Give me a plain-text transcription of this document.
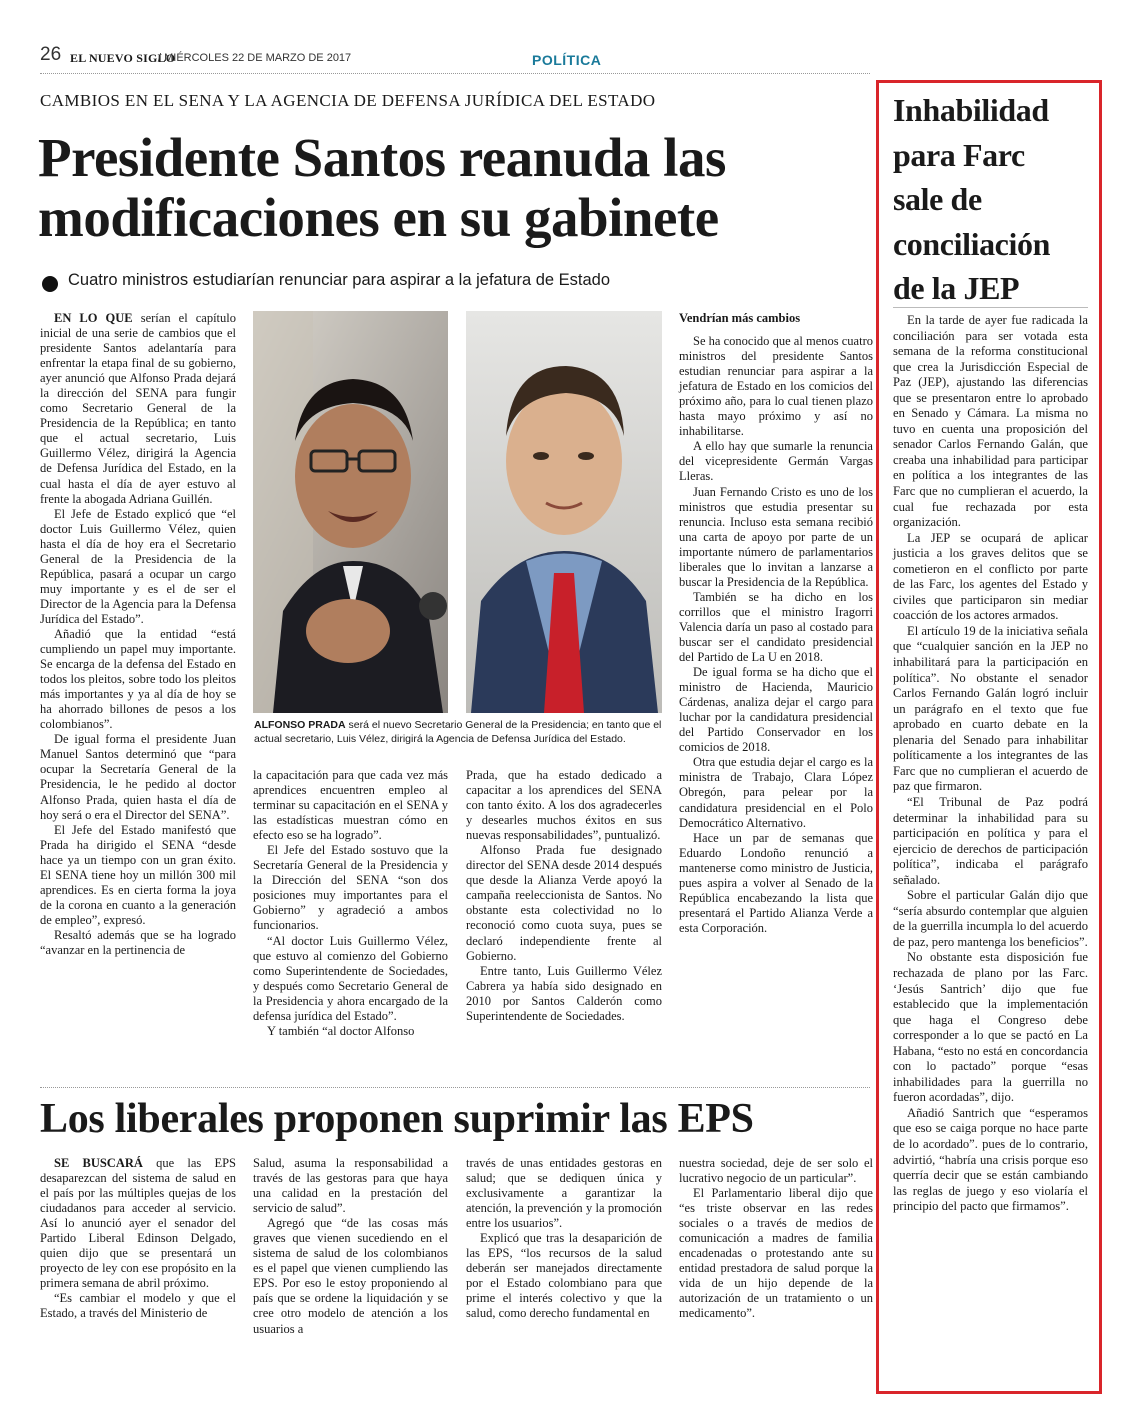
26 EL NUEVO SIGLO
/ MIÉRCOLES 22 DE MARZO DE 2017	POLÍTICA
CAMBIOS EN EL SENA Y LA AGENCIA DE DEFENSA JURÍDICA DEL ESTADO
Presidente Santos reanuda las
modificaciones en su gabinete
Cuatro ministros estudiarían renunciar para aspirar a la jefatura de Estado

EN LO QUE serían el capítulo inicial de una serie de cambios que el presidente Santos adelantaría para enfrentar la etapa final de su gobierno, ayer anunció que Alfonso Prada dejará la dirección del SENA para fungir como Secretario General de la Presidencia de la República; en tanto que el actual secretario, Luis Guillermo Vélez, dirigirá la Agencia de Defensa Jurídica del Estado, en la cual hasta el día de ayer estuvo al frente la abogada Adriana Guillén.

El Jefe de Estado explicó que “el doctor Luis Guillermo Vélez, quien hasta el día de hoy era el Secretario General de la Presidencia de la República, pasará a ocupar un cargo muy importante y es el de ser el Director de la Agencia para la Defensa Jurídica del Estado”.

Añadió que la entidad “está cumpliendo un papel muy importante. Se encarga de la defensa del Estado en todos los pleitos, sobre todo los pleitos más importantes y ya al día de hoy se ha ahorrado billones de pesos a los colombianos”.

De igual forma el presidente Juan Manuel Santos determinó que “para ocupar la Secretaría General de la Presidencia, le he pedido al doctor Alfonso Prada, quien hasta el día de hoy será o era el Director del SENA”.

El Jefe del Estado manifestó que Prada ha dirigido el SENA “desde hace ya un tiempo con un gran éxito. El SENA tiene hoy un millón 300 mil aprendices. Es en cierta forma la joya de la corona en cuanto a la generación de empleo”, expresó.

Resaltó además que se ha logrado “avanzar en la pertinencia de

ALFONSO PRADA será el nuevo Secretario General de la Presidencia; en tanto que el actual secretario, Luis Vélez, dirigirá la Agencia de Defensa Jurídica del Estado.

la capacitación para que cada vez más aprendices encuentren empleo al terminar su capacitación en el SENA y las estadísticas muestran cómo en efecto eso se ha logrado”.

El Jefe del Estado sostuvo que la Secretaría General de la Presidencia y la Dirección del SENA “son dos posiciones muy importantes para el Gobierno” y agradeció a ambos funcionarios.

“Al doctor Luis Guillermo Vélez, que estuvo al comienzo del Gobierno como Superintendente de Sociedades, y después como Secretario General de la Presidencia y ahora encargado de la defensa jurídica del Estado”.

Y también “al doctor Alfonso

Prada, que ha estado dedicado a capacitar a los aprendices del SENA con tanto éxito. A los dos agradecerles y desearles muchos éxitos en sus nuevas responsabilidades”, puntualizó.

Alfonso Prada fue designado director del SENA desde 2014 después que desde la Alianza Verde apoyó la campaña reeleccionista de Santos. No obstante esta colectividad no lo reconoció como cuota suya, pues se declaró independiente frente al Gobierno.

Entre tanto, Luis Guillermo Vélez Cabrera ya había sido designado en 2010 por Santos Calderón como Superintendente de Sociedades.

Vendrían más cambios

Se ha conocido que al menos cuatro ministros del presidente Santos estudian renunciar para aspirar a la jefatura de Estado en los comicios del próximo año, para lo cual tienen plazo hasta mayo próximo y así no inhabilitarse.

A ello hay que sumarle la renuncia del vicepresidente Germán Vargas Lleras.

Juan Fernando Cristo es uno de los ministros que estudia presentar su renuncia. Incluso esta semana recibió una carta de apoyo por parte de un importante número de parlamentarios liberales que lo invitan a lanzarse a buscar la Presidencia de la República.

También se ha dicho en los corrillos que el ministro Iragorri Valencia daría un paso al costado para buscar ser el candidato presidencial del Partido de La U en 2018.

De igual forma se ha dicho que el ministro de Hacienda, Mauricio Cárdenas, analiza dejar el cargo para luchar por la candidatura presidencial del Partido Conservador en los comicios de 2018.

Otra que estudia dejar el cargo es la ministra de Trabajo, Clara López Obregón, para pelear por la candidatura presidencial en el Polo Democrático Alternativo.

Hace un par de semanas que Eduardo Londoño renunció a mantenerse como ministro de Justicia, pues aspira a volver al Senado de la República encabezando la lista que presentará el Partido Alianza Verde a esta Corporación.

Los liberales proponen suprimir las EPS

SE BUSCARÁ que las EPS desaparezcan del sistema de salud en el país por las múltiples quejas de los ciudadanos para acceder al servicio. Así lo anunció ayer el senador del Partido Liberal Edinson Delgado, quien dijo que se presentará un proyecto de ley con ese propósito en la primera semana de abril próximo.

“Es cambiar el modelo y que el Estado, a través del Ministerio de

Salud, asuma la responsabilidad a través de las gestoras para que haya una calidad en la prestación del servicio de salud”.

Agregó que “de las cosas más graves que vienen sucediendo en el sistema de salud de los colombianos es el papel que vienen cumpliendo las EPS. Por eso le estoy proponiendo al país que se ordene la liquidación y se cree otro modelo de atención a los usuarios a

través de unas entidades gestoras en salud; que se dediquen única y exclusivamente a garantizar la atención, la prevención y la promoción entre los usuarios”.

Explicó que tras la desaparición de las EPS, “los recursos de la salud deberán ser manejados directamente por el Estado colombiano para que prime el interés colectivo y que la salud, como derecho fundamental en

nuestra sociedad, deje de ser solo el lucrativo negocio de un particular”.

El Parlamentario liberal dijo que “es triste observar en las redes sociales o a través de medios de comunicación a madres de familia encadenadas o protestando ante su entidad prestadora de salud porque la vida de un hijo depende de la autorización de un tratamiento o un medicamento”.

Inhabilidad
para Farc
sale de
conciliación
de la JEP

En la tarde de ayer fue radicada la conciliación para ser votada esta semana de la reforma constitucional que crea la Jurisdicción Especial de Paz (JEP), ajustando las diferencias que se presentaron entre lo aprobado en Senado y Cámara. La misma no tuvo en cuenta una proposición del senador Carlos Fernando Galán, que creaba una inhabilidad para participar en política a los integrantes de las Farc que no cumplieran el acuerdo, la cual fue rechazada por esta organización.

La JEP se ocupará de aplicar justicia a los graves delitos que se cometieron en el conflicto por parte de las Farc, los agentes del Estado y civiles que participaron sin mediar coacción de los actores armados.

El artículo 19 de la iniciativa señala que “cualquier sanción en la JEP no inhabilitará para la participación en política”. No obstante el senador Carlos Fernando Galán logró incluir un parágrafo en el texto que fue aprobado en cuarto debate en la plenaria del Senado para inhabilitar políticamente a los integrantes de las Farc que no cumplieran el acuerdo de paz que firmaron.

“El Tribunal de Paz podrá determinar la inhabilidad para su participación en política y para el ejercicio de derechos de participación política”, indicaba el parágrafo señalado.

Sobre el particular Galán dijo que “sería absurdo contemplar que alguien de la guerrilla incumpla lo del acuerdo de paz, pero mantenga los beneficios”.

No obstante esta disposición fue rechazada de plano por las Farc. ‘Jesús Santrich’ dijo que fue establecido que la implementación que haga el Congreso debe corresponder a lo que se pactó en La Habana, “esto no está en concordancia con lo pactado” porque “esas inhabilidades para la guerrilla no fueron acordadas”, dijo.

Añadió Santrich que “esperamos que eso se caiga porque no hace parte de lo acordado”. pues de lo contrario, advirtió, “habría una crisis porque eso querría decir que se están cambiando las reglas de juego y eso violaría el principio del pacto que firmamos”.
